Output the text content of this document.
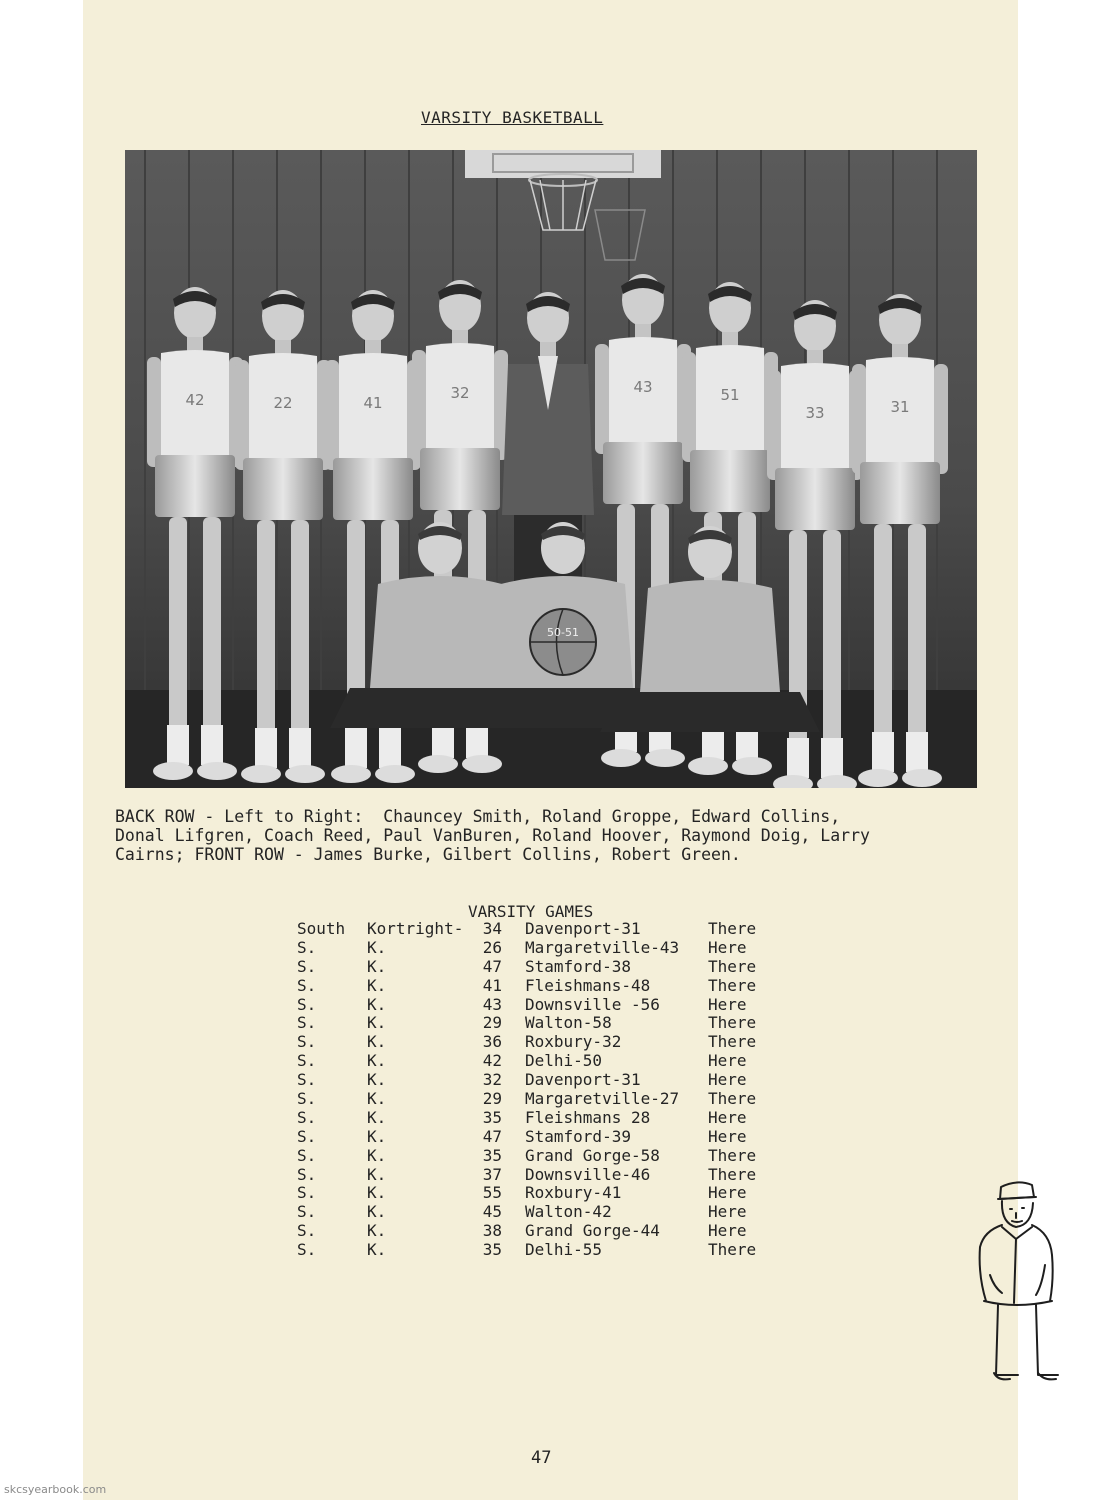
VARSITY BASKETBALL
42	22	41
32	43	51
33	31
50-51
BACK ROW - Left to Right:  Chauncey Smith, Roland Groppe, Edward Collins,
Donal Lifgren, Coach Reed, Paul VanBuren, Roland Hoover, Raymond Doig, Larry
Cairns; FRONT ROW - James Burke, Gilbert Collins, Robert Green.
VARSITY GAMES
South Kortright-	34 Davenport-31	There
S.	K.	26 Margaretville-43 Here
S.	K.	47 Stamford-38	There
S.	K.	41 Fleishmans-48	There
S.	K.	43 Downsville -56	Here
S.	K.	29 Walton-58	There
S.	K.	36 Roxbury-32	There
S.	K.	42 Delhi-50	Here
S.	K.	32 Davenport-31	Here
S.	K.	29 Margaretville-27 There
S.	K.	35 Fleishmans 28	Here
S.	K.	47 Stamford-39	Here
S.	K.	35 Grand Gorge-58	There
S.	K.	37 Downsville-46	There
S.	K.	55 Roxbury-41	Here
S.	K.	45 Walton-42	Here
S.	K.	38 Grand Gorge-44	Here
S.	K.	35 Delhi-55	There
47
skcsyearbook.com
